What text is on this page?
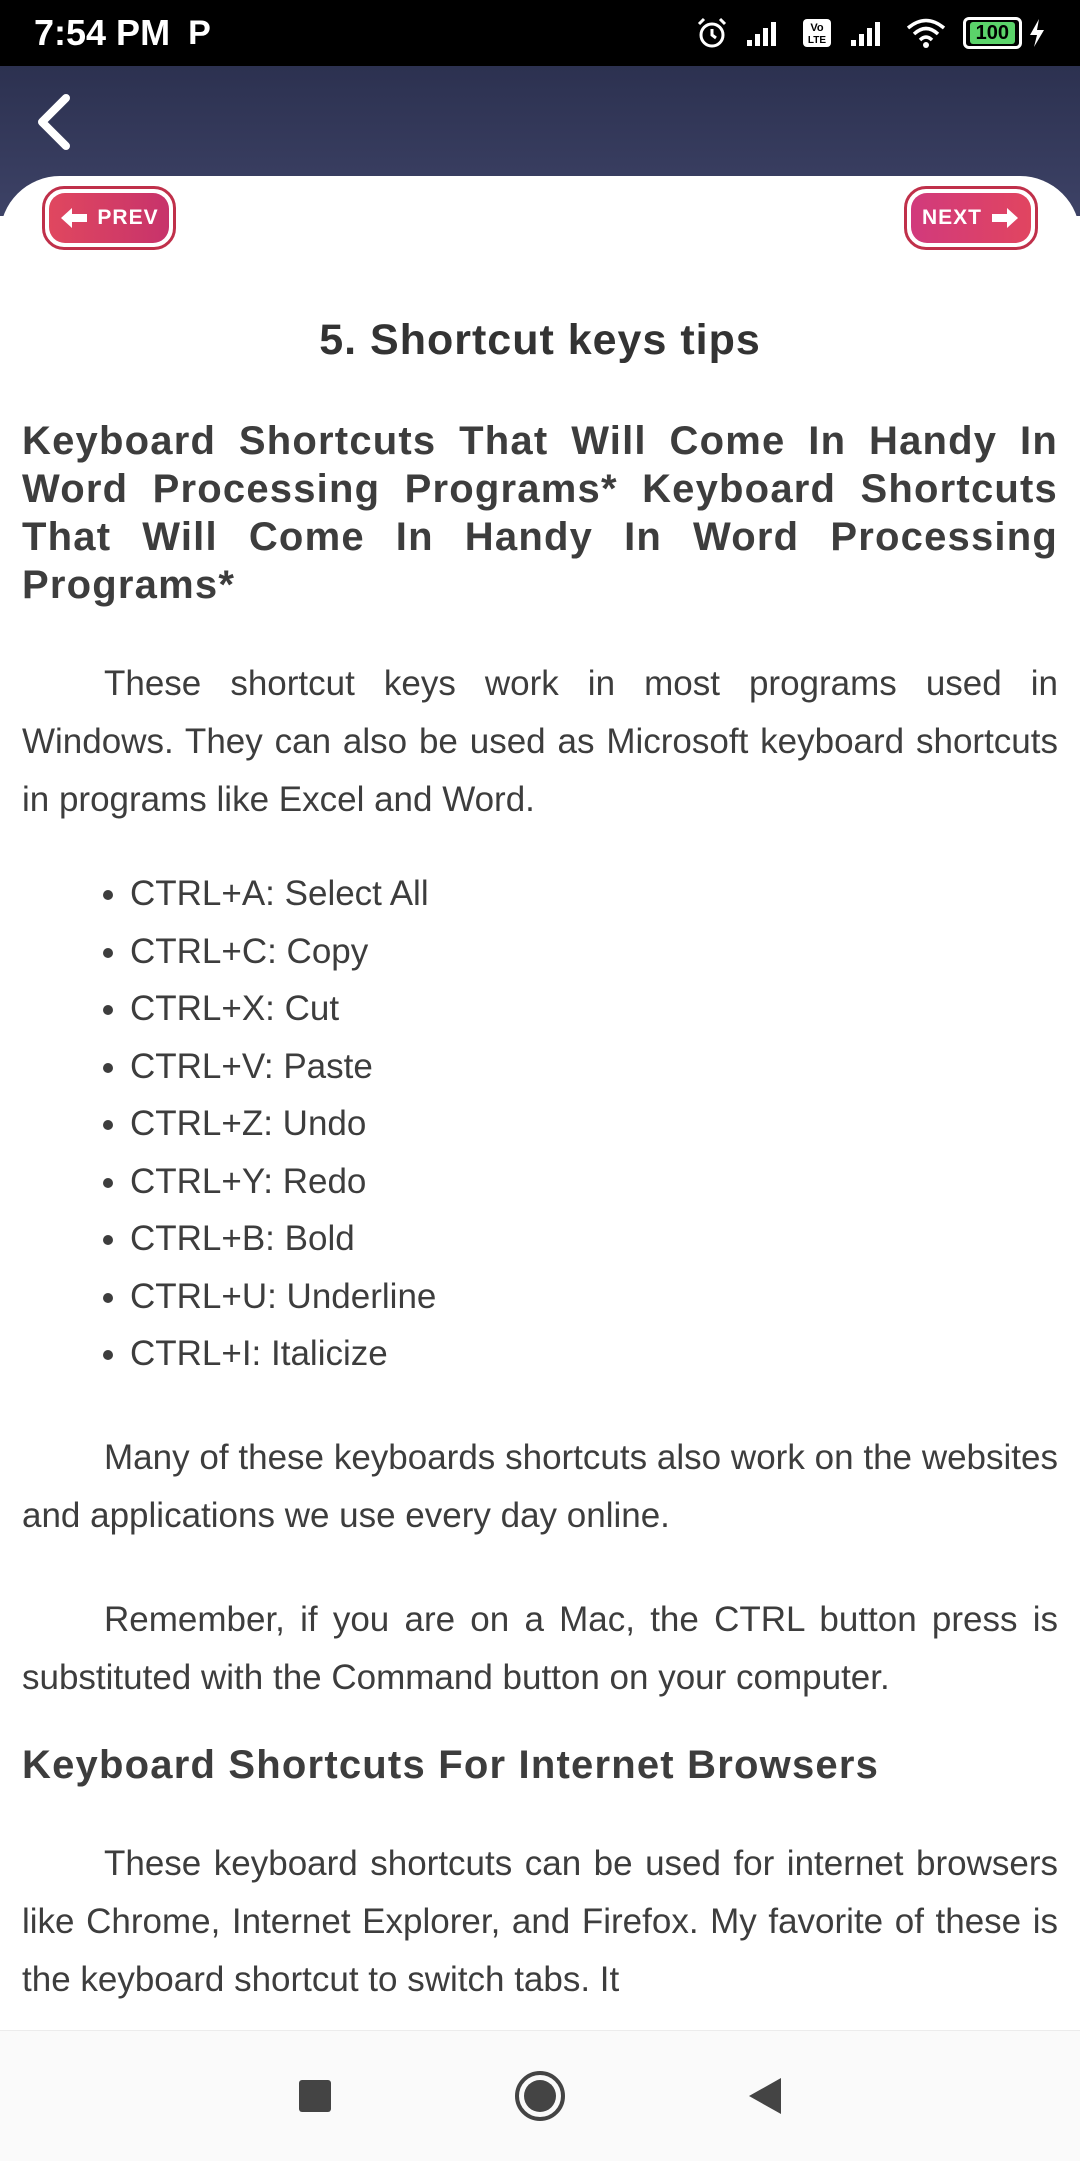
7:54 PM P	Vo
LTE	100
PREV	NEXT
5. Shortcut keys tips
Keyboard Shortcuts That Will Come In Handy In Word Processing Programs* Keyboard Shortcuts That Will Come In Handy In Word Processing Programs*

These shortcut keys work in most programs used in Windows. They can also be used as Microsoft keyboard shortcuts in programs like Excel and Word.

• CTRL+A: Select All
• CTRL+C: Copy
• CTRL+X: Cut
• CTRL+V: Paste
• CTRL+Z: Undo
• CTRL+Y: Redo
• CTRL+B: Bold
• CTRL+U: Underline
• CTRL+I: Italicize

Many of these keyboards shortcuts also work on the websites and applications we use every day online.

Remember, if you are on a Mac, the CTRL button press is substituted with the Command button on your computer.

Keyboard Shortcuts For Internet Browsers

These keyboard shortcuts can be used for internet browsers like Chrome, Internet Explorer, and Firefox. My favorite of these is the keyboard shortcut to switch tabs. It
